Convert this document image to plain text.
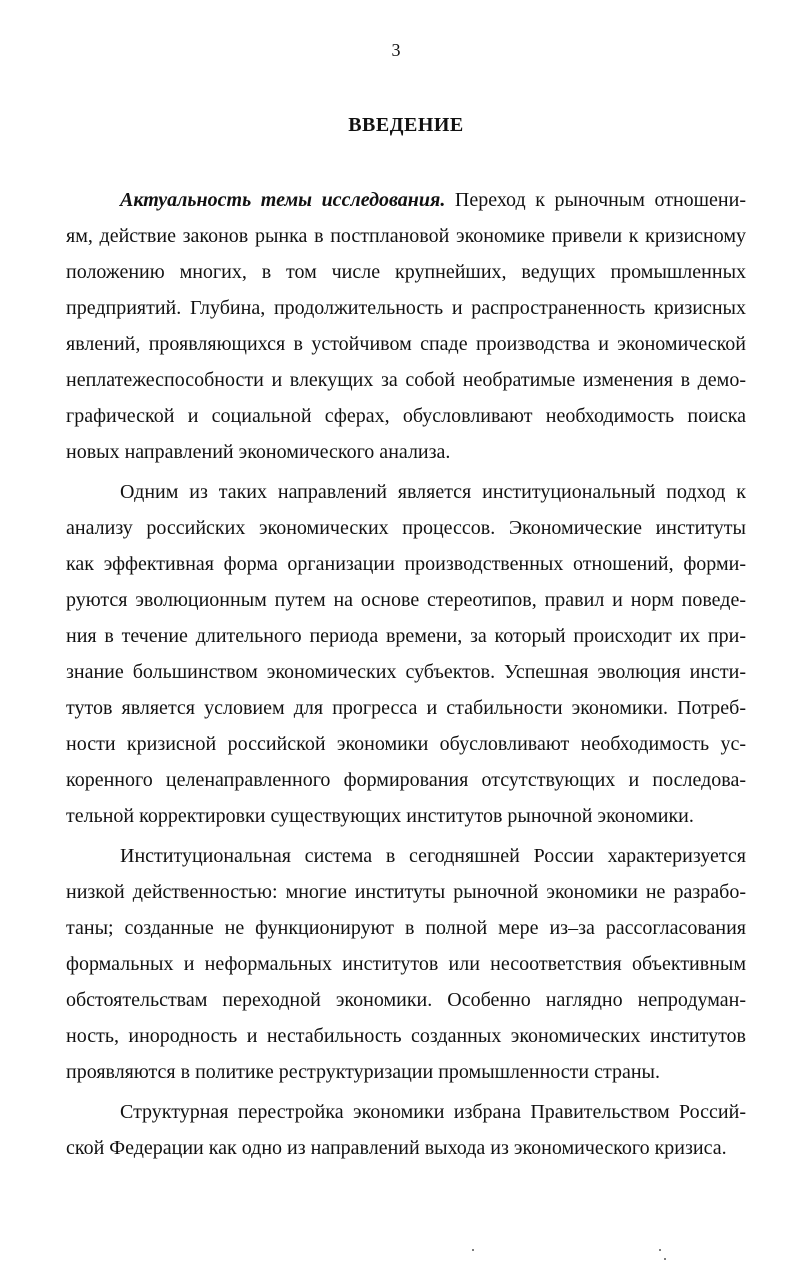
3
ВВЕДЕНИЕ
Актуальность темы исследования. Переход к рыночным отношени-
ям, действие законов рынка в постплановой экономике привели к кризисному
положению многих, в том числе крупнейших, ведущих промышленных
предприятий. Глубина, продолжительность и распространенность кризисных
явлений, проявляющихся в устойчивом спаде производства и экономической
неплатежеспособности и влекущих за собой необратимые изменения в демо-
графической и социальной сферах, обусловливают необходимость поиска
новых направлений экономического анализа.
Одним из таких направлений является институциональный подход к
анализу российских экономических процессов. Экономические институты
как эффективная форма организации производственных отношений, форми-
руются эволюционным путем на основе стереотипов, правил и норм поведе-
ния в течение длительного периода времени, за который происходит их при-
знание большинством экономических субъектов. Успешная эволюция инсти-
тутов является условием для прогресса и стабильности экономики. Потреб-
ности кризисной российской экономики обусловливают необходимость ус-
коренного целенаправленного формирования отсутствующих и последова-
тельной корректировки существующих институтов рыночной экономики.
Институциональная система в сегодняшней России характеризуется
низкой действенностью: многие институты рыночной экономики не разрабо-
таны; созданные не функционируют в полной мере из–за рассогласования
формальных и неформальных институтов или несоответствия объективным
обстоятельствам переходной экономики. Особенно наглядно непродуман-
ность, инородность и нестабильность созданных экономических институтов
проявляются в политике реструктуризации промышленности страны.
Структурная перестройка экономики избрана Правительством Россий-
ской Федерации как одно из направлений выхода из экономического кризиса.
